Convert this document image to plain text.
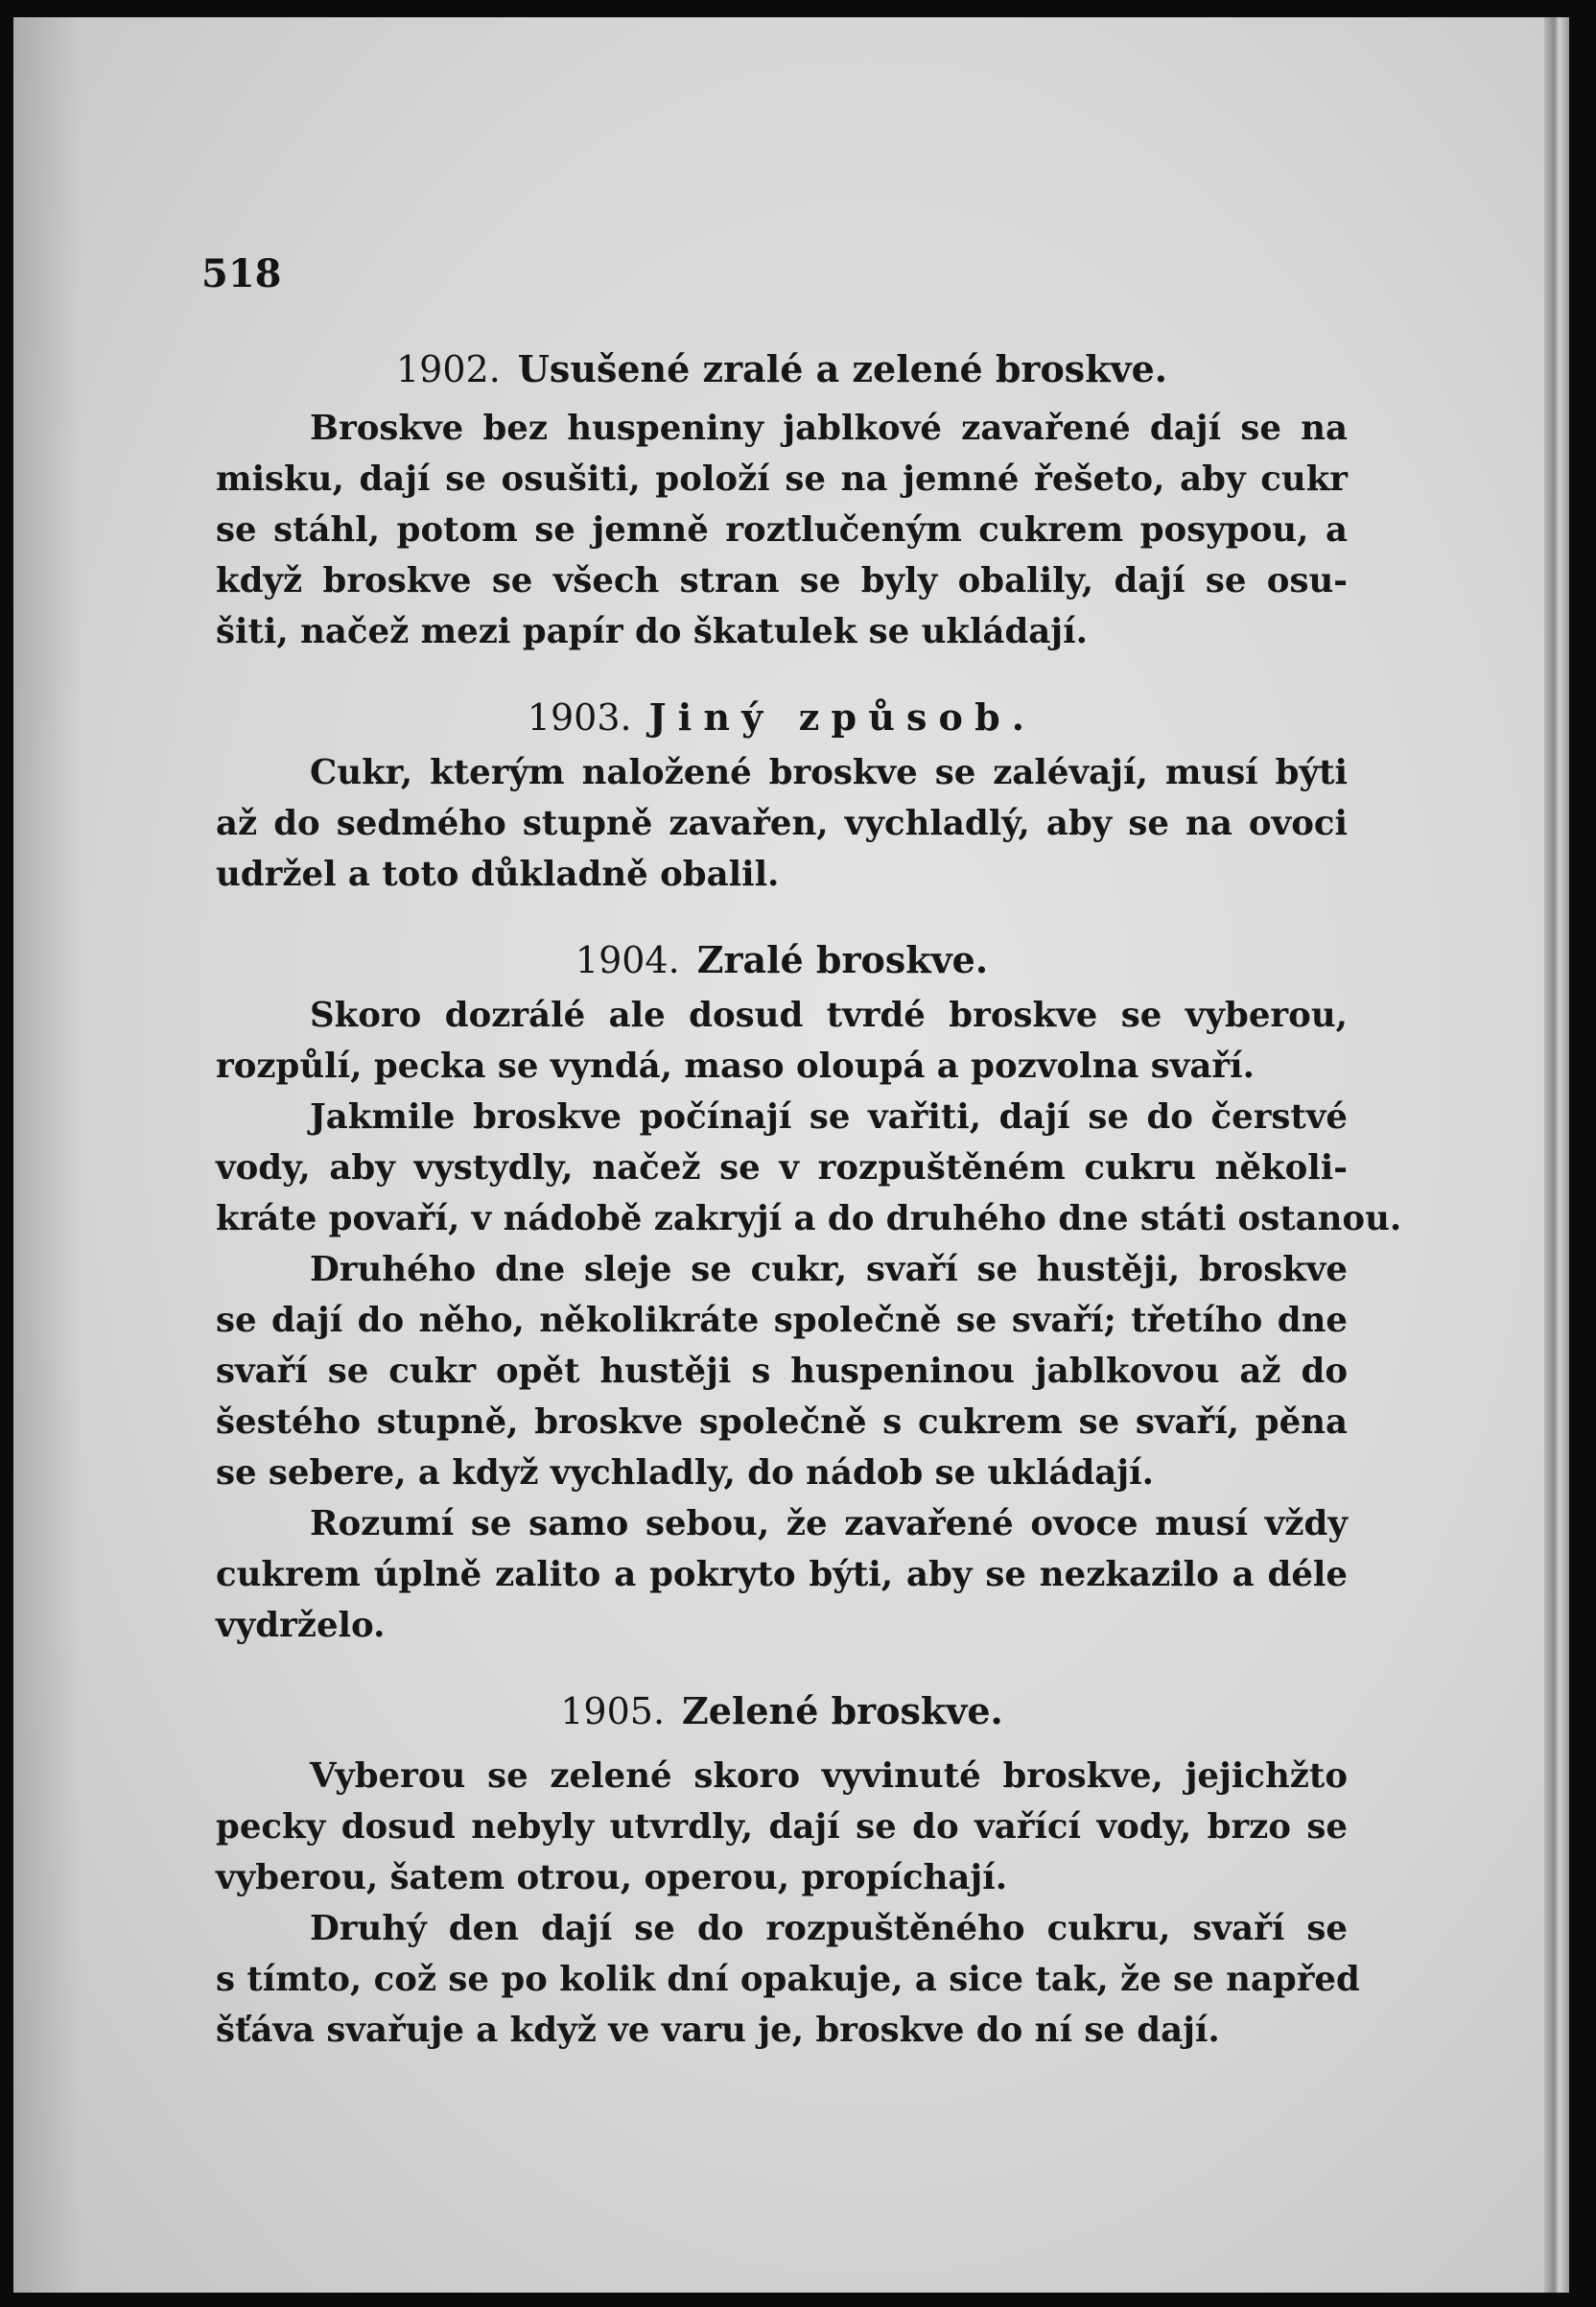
518
1902. Usušené zralé a zelené broskve.

Broskve bez huspeniny jablkové zavařené dají se na
misku, dají se osušiti, položí se na jemné řešeto, aby cukr
se stáhl, potom se jemně roztlučeným cukrem posypou, a
když broskve se všech stran se byly obalily, dají se osu-
šiti, načež mezi papír do škatulek se ukládají.

1903. Jiný způsob.

Cukr, kterým naložené broskve se zalévají, musí býti
až do sedmého stupně zavařen, vychladlý, aby se na ovoci
udržel a toto důkladně obalil.

1904. Zralé broskve.

Skoro dozrálé ale dosud tvrdé broskve se vyberou,
rozpůlí, pecka se vyndá, maso oloupá a pozvolna svaří.

Jakmile broskve počínají se vařiti, dají se do čerstvé
vody, aby vystydly, načež se v rozpuštěném cukru několi-
kráte povaří, v nádobě zakryjí a do druhého dne státi ostanou.

Druhého dne sleje se cukr, svaří se hustěji, broskve
se dají do něho, několikráte společně se svaří; třetího dne
svaří se cukr opět hustěji s huspeninou jablkovou až do
šestého stupně, broskve společně s cukrem se svaří, pěna
se sebere, a když vychladly, do nádob se ukládají.

Rozumí se samo sebou, že zavařené ovoce musí vždy
cukrem úplně zalito a pokryto býti, aby se nezkazilo a déle
vydrželo.

1905. Zelené broskve.

Vyberou se zelené skoro vyvinuté broskve, jejichžto
pecky dosud nebyly utvrdly, dají se do vařící vody, brzo se
vyberou, šatem otrou, operou, propíchají.

Druhý den dají se do rozpuštěného cukru, svaří se
s tímto, což se po kolik dní opakuje, a sice tak, že se napřed
šťáva svařuje a když ve varu je, broskve do ní se dají.
